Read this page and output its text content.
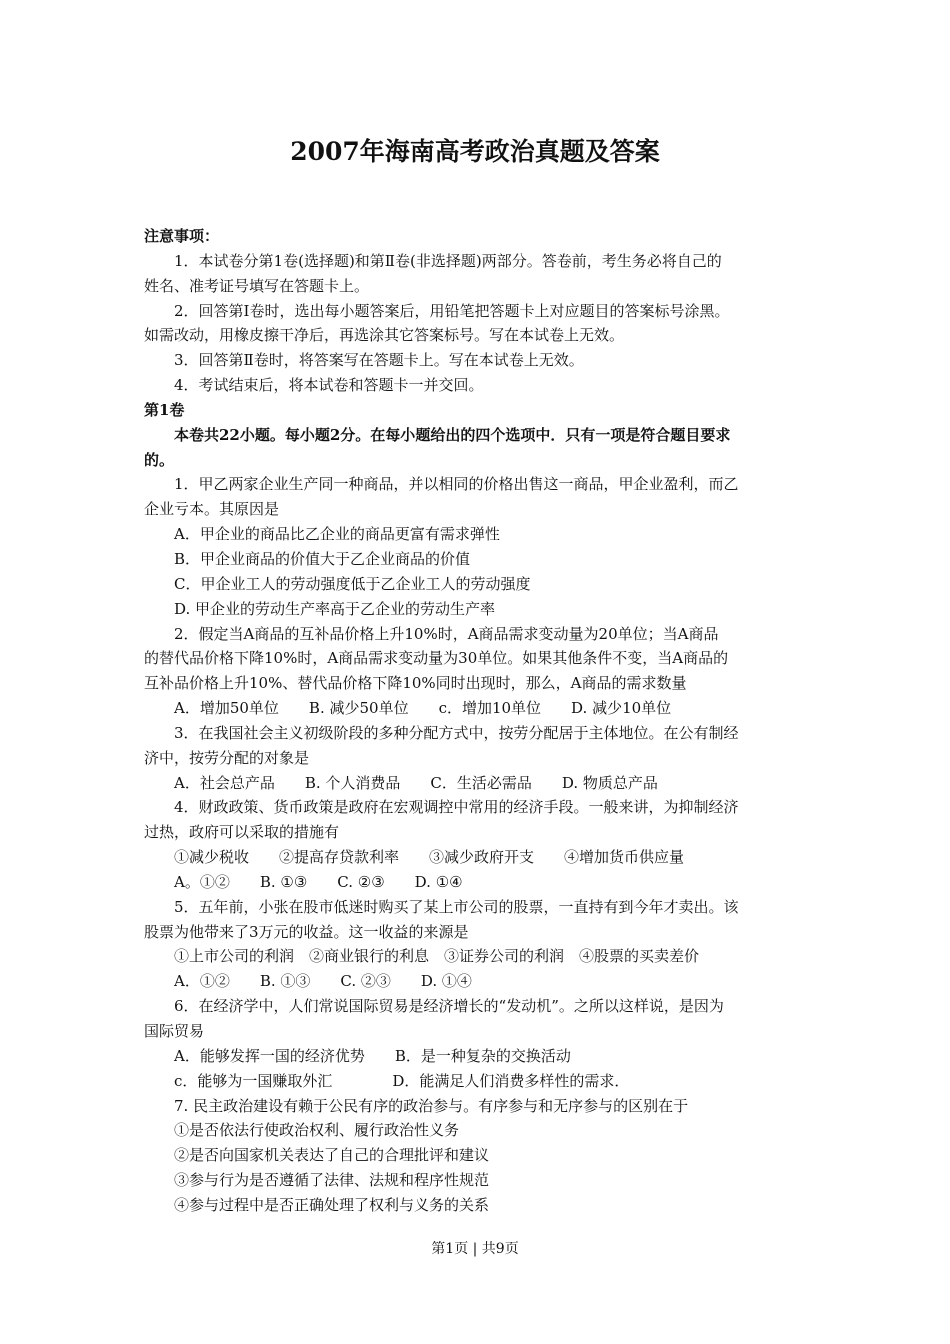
2007年海南高考政治真题及答案
注意事项：
1．本试卷分第1卷(选择题)和第Ⅱ卷(非选择题)两部分。答卷前，考生务必将自己的
姓名、准考证号填写在答题卡上。
2．回答第Ⅰ卷时，选出每小题答案后，用铅笔把答题卡上对应题目的答案标号涂黑。
如需改动，用橡皮擦干净后，再选涂其它答案标号。写在本试卷上无效。
3．回答第Ⅱ卷时，将答案写在答题卡上。写在本试卷上无效。
4．考试结束后，将本试卷和答题卡一并交回。
第1卷
本卷共22小题。每小题2分。在每小题给出的四个选项中．只有一项是符合题目要求
的。
1．甲乙两家企业生产同一种商品，并以相同的价格出售这一商品，甲企业盈利，而乙
企业亏本。其原因是
A．甲企业的商品比乙企业的商品更富有需求弹性
B．甲企业商品的价值大于乙企业商品的价值
C．甲企业工人的劳动强度低于乙企业工人的劳动强度
D. 甲企业的劳动生产率高于乙企业的劳动生产率
2．假定当A商品的互补品价格上升10%时，A商品需求变动量为20单位；当A商品
的替代品价格下降10%时，A商品需求变动量为30单位。如果其他条件不变，当A商品的
互补品价格上升10%、替代品价格下降10%同时出现时，那么，A商品的需求数量
A．增加50单位　　B. 减少50单位　　c．增加10单位　　D. 减少10单位
3．在我国社会主义初级阶段的多种分配方式中，按劳分配居于主体地位。在公有制经
济中，按劳分配的对象是
A．社会总产品　　B. 个人消费品　　C．生活必需品　　D. 物质总产品
4．财政政策、货币政策是政府在宏观调控中常用的经济手段。一般来讲，为抑制经济
过热，政府可以采取的措施有
①减少税收　　②提高存贷款利率　　③减少政府开支　　④增加货币供应量
A。①②　　B. ①③　　C. ②③　　D. ①④
5．五年前，小张在股市低迷时购买了某上市公司的股票，一直持有到今年才卖出。该
股票为他带来了3万元的收益。这一收益的来源是
①上市公司的利润　②商业银行的利息　③证券公司的利润　④股票的买卖差价
A．①②　　B. ①③　　C. ②③　　D. ①④
6．在经济学中，人们常说国际贸易是经济增长的“发动机”。之所以这样说，是因为
国际贸易
A．能够发挥一国的经济优势　　B．是一种复杂的交换活动
c．能够为一国赚取外汇　　　　D．能满足人们消费多样性的需求．
7. 民主政治建设有赖于公民有序的政治参与。有序参与和无序参与的区别在于
①是否依法行使政治权利、履行政治性义务
②是否向国家机关表达了自己的合理批评和建议
③参与行为是否遵循了法律、法规和程序性规范
④参与过程中是否正确处理了权利与义务的关系
第1页 | 共9页
